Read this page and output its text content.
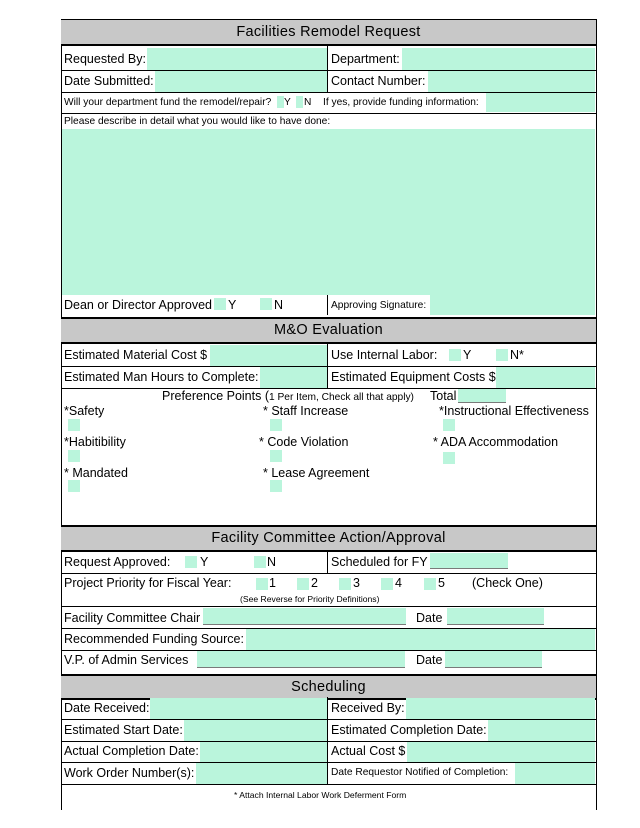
Facilities Remodel Request
Requested By:	Department:
Date Submitted:	Contact Number:
Will your department fund the remodel/repair? Y N If yes, provide funding information:
Please describe in detail what you would like to have done:
Dean or Director Approved Y	N	Approving Signature:
M&O Evaluation
Estimated Material Cost $	Use Internal Labor: Y	N*
Estimated Man Hours to Complete:	Estimated Equipment Costs $
Preference Points (1 Per Item, Check all that apply) Total
*Safety	* Staff Increase	*Instructional Effectiveness
*Habitibility	* Code Violation	* ADA Accommodation
* Mandated	* Lease Agreement
Facility Committee Action/Approval
Request Approved: Y	N	Scheduled for FY
Project Priority for Fiscal Year:	1	2	3	4	5 (Check One)
(See Reverse for Priority Definitions)
Facility Committee Chair	Date
Recommended Funding Source:
V.P. of Admin Services	Date
Scheduling
Date Received:	Received By:
Estimated Start Date:	Estimated Completion Date:
Actual Completion Date:	Actual Cost $
Work Order Number(s):	Date Requestor Notified of Completion:
* Attach Internal Labor Work Deferment Form
